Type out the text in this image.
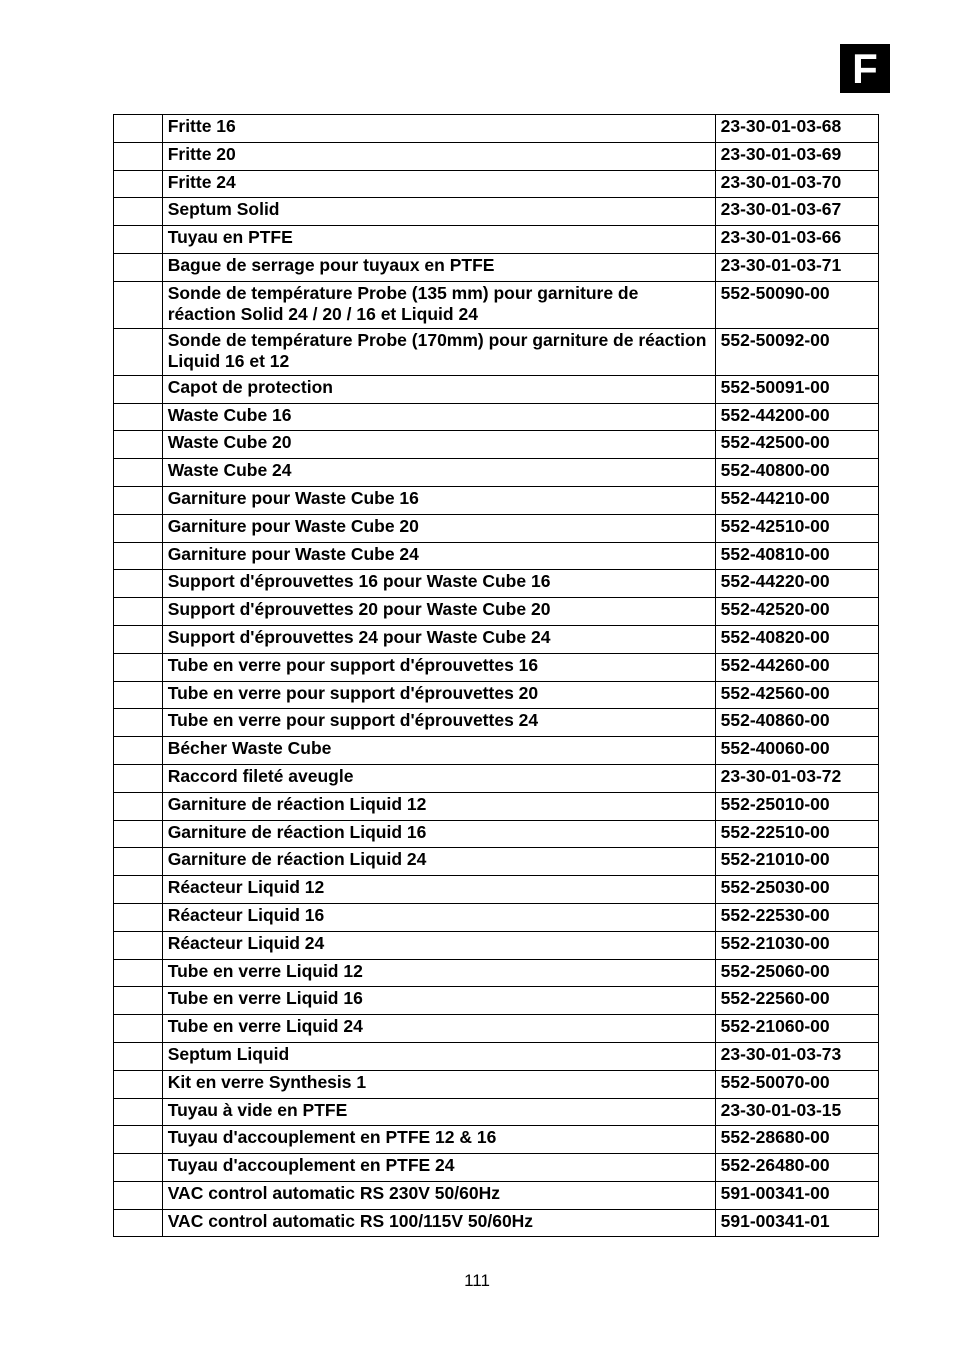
F
	Fritte 16	23-30-01-03-68
	Fritte 20	23-30-01-03-69
	Fritte 24	23-30-01-03-70
	Septum Solid	23-30-01-03-67
	Tuyau en PTFE	23-30-01-03-66
	Bague de serrage pour tuyaux en PTFE	23-30-01-03-71
	Sonde de température Probe (135 mm) pour garniture de réaction Solid 24 / 20 / 16 et Liquid 24	552-50090-00
	Sonde de température Probe (170mm) pour garniture de réaction Liquid 16 et 12	552-50092-00
	Capot de protection	552-50091-00
	Waste Cube 16	552-44200-00
	Waste Cube 20	552-42500-00
	Waste Cube 24	552-40800-00
	Garniture pour Waste Cube 16	552-44210-00
	Garniture pour Waste Cube 20	552-42510-00
	Garniture pour Waste Cube 24	552-40810-00
	Support d'éprouvettes 16 pour Waste Cube 16	552-44220-00
	Support d'éprouvettes 20 pour Waste Cube 20	552-42520-00
	Support d'éprouvettes 24 pour Waste Cube 24	552-40820-00
	Tube en verre pour support d'éprouvettes 16	552-44260-00
	Tube en verre pour support d'éprouvettes 20	552-42560-00
	Tube en verre pour support d'éprouvettes 24	552-40860-00
	Bécher Waste Cube	552-40060-00
	Raccord fileté aveugle	23-30-01-03-72
	Garniture de réaction Liquid 12	552-25010-00
	Garniture de réaction Liquid 16	552-22510-00
	Garniture de réaction Liquid 24	552-21010-00
	Réacteur Liquid 12	552-25030-00
	Réacteur Liquid 16	552-22530-00
	Réacteur Liquid 24	552-21030-00
	Tube en verre Liquid 12	552-25060-00
	Tube en verre Liquid 16	552-22560-00
	Tube en verre Liquid 24	552-21060-00
	Septum Liquid	23-30-01-03-73
	Kit en verre Synthesis 1	552-50070-00
	Tuyau à vide en PTFE	23-30-01-03-15
	Tuyau d'accouplement en PTFE 12 & 16	552-28680-00
	Tuyau d'accouplement en PTFE 24	552-26480-00
	VAC control automatic RS 230V 50/60Hz	591-00341-00
	VAC control automatic RS 100/115V 50/60Hz	591-00341-01
111
